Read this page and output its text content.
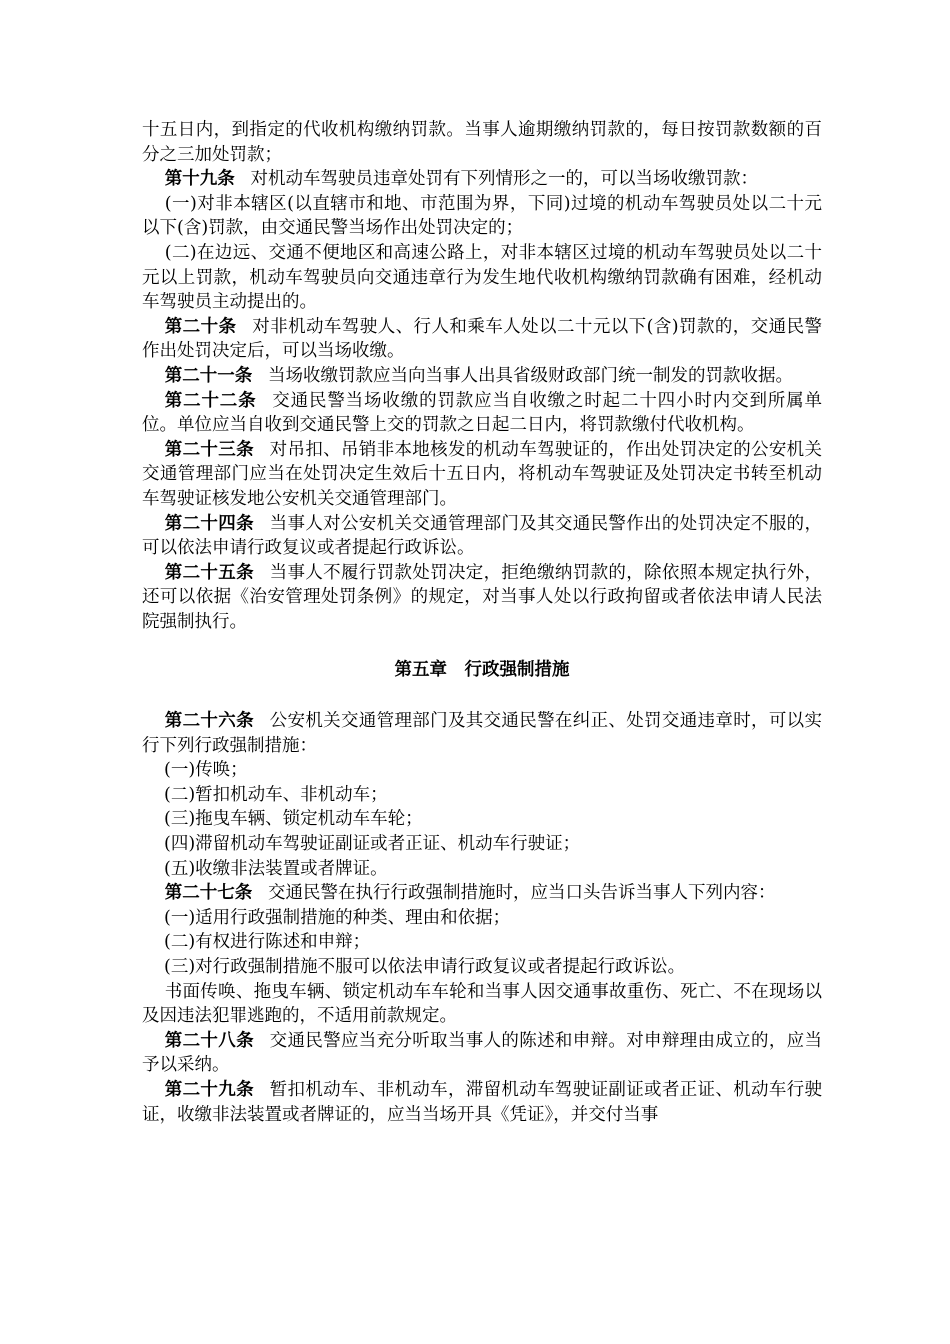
十五日内，到指定的代收机构缴纳罚款。当事人逾期缴纳罚款的，每日按罚款数额的百分之三加处罚款；

第十九条 对机动车驾驶员违章处罚有下列情形之一的，可以当场收缴罚款：

(一)对非本辖区(以直辖市和地、市范围为界，下同)过境的机动车驾驶员处以二十元以下(含)罚款，由交通民警当场作出处罚决定的；

(二)在边远、交通不便地区和高速公路上，对非本辖区过境的机动车驾驶员处以二十元以上罚款，机动车驾驶员向交通违章行为发生地代收机构缴纳罚款确有困难，经机动车驾驶员主动提出的。

第二十条 对非机动车驾驶人、行人和乘车人处以二十元以下(含)罚款的，交通民警作出处罚决定后，可以当场收缴。

第二十一条 当场收缴罚款应当向当事人出具省级财政部门统一制发的罚款收据。

第二十二条 交通民警当场收缴的罚款应当自收缴之时起二十四小时内交到所属单位。单位应当自收到交通民警上交的罚款之日起二日内，将罚款缴付代收机构。

第二十三条 对吊扣、吊销非本地核发的机动车驾驶证的，作出处罚决定的公安机关交通管理部门应当在处罚决定生效后十五日内，将机动车驾驶证及处罚决定书转至机动车驾驶证核发地公安机关交通管理部门。

第二十四条 当事人对公安机关交通管理部门及其交通民警作出的处罚决定不服的，可以依法申请行政复议或者提起行政诉讼。

第二十五条 当事人不履行罚款处罚决定，拒绝缴纳罚款的，除依照本规定执行外，还可以依据《治安管理处罚条例》的规定，对当事人处以行政拘留或者依法申请人民法院强制执行。

第五章 行政强制措施

第二十六条 公安机关交通管理部门及其交通民警在纠正、处罚交通违章时，可以实行下列行政强制措施：

(一)传唤；

(二)暂扣机动车、非机动车；

(三)拖曳车辆、锁定机动车车轮；

(四)滞留机动车驾驶证副证或者正证、机动车行驶证；

(五)收缴非法装置或者牌证。

第二十七条 交通民警在执行行政强制措施时，应当口头告诉当事人下列内容：

(一)适用行政强制措施的种类、理由和依据；

(二)有权进行陈述和申辩；

(三)对行政强制措施不服可以依法申请行政复议或者提起行政诉讼。

书面传唤、拖曳车辆、锁定机动车车轮和当事人因交通事故重伤、死亡、不在现场以及因违法犯罪逃跑的，不适用前款规定。

第二十八条 交通民警应当充分听取当事人的陈述和申辩。对申辩理由成立的，应当予以采纳。

第二十九条 暂扣机动车、非机动车，滞留机动车驾驶证副证或者正证、机动车行驶证，收缴非法装置或者牌证的，应当当场开具《凭证》，并交付当事
